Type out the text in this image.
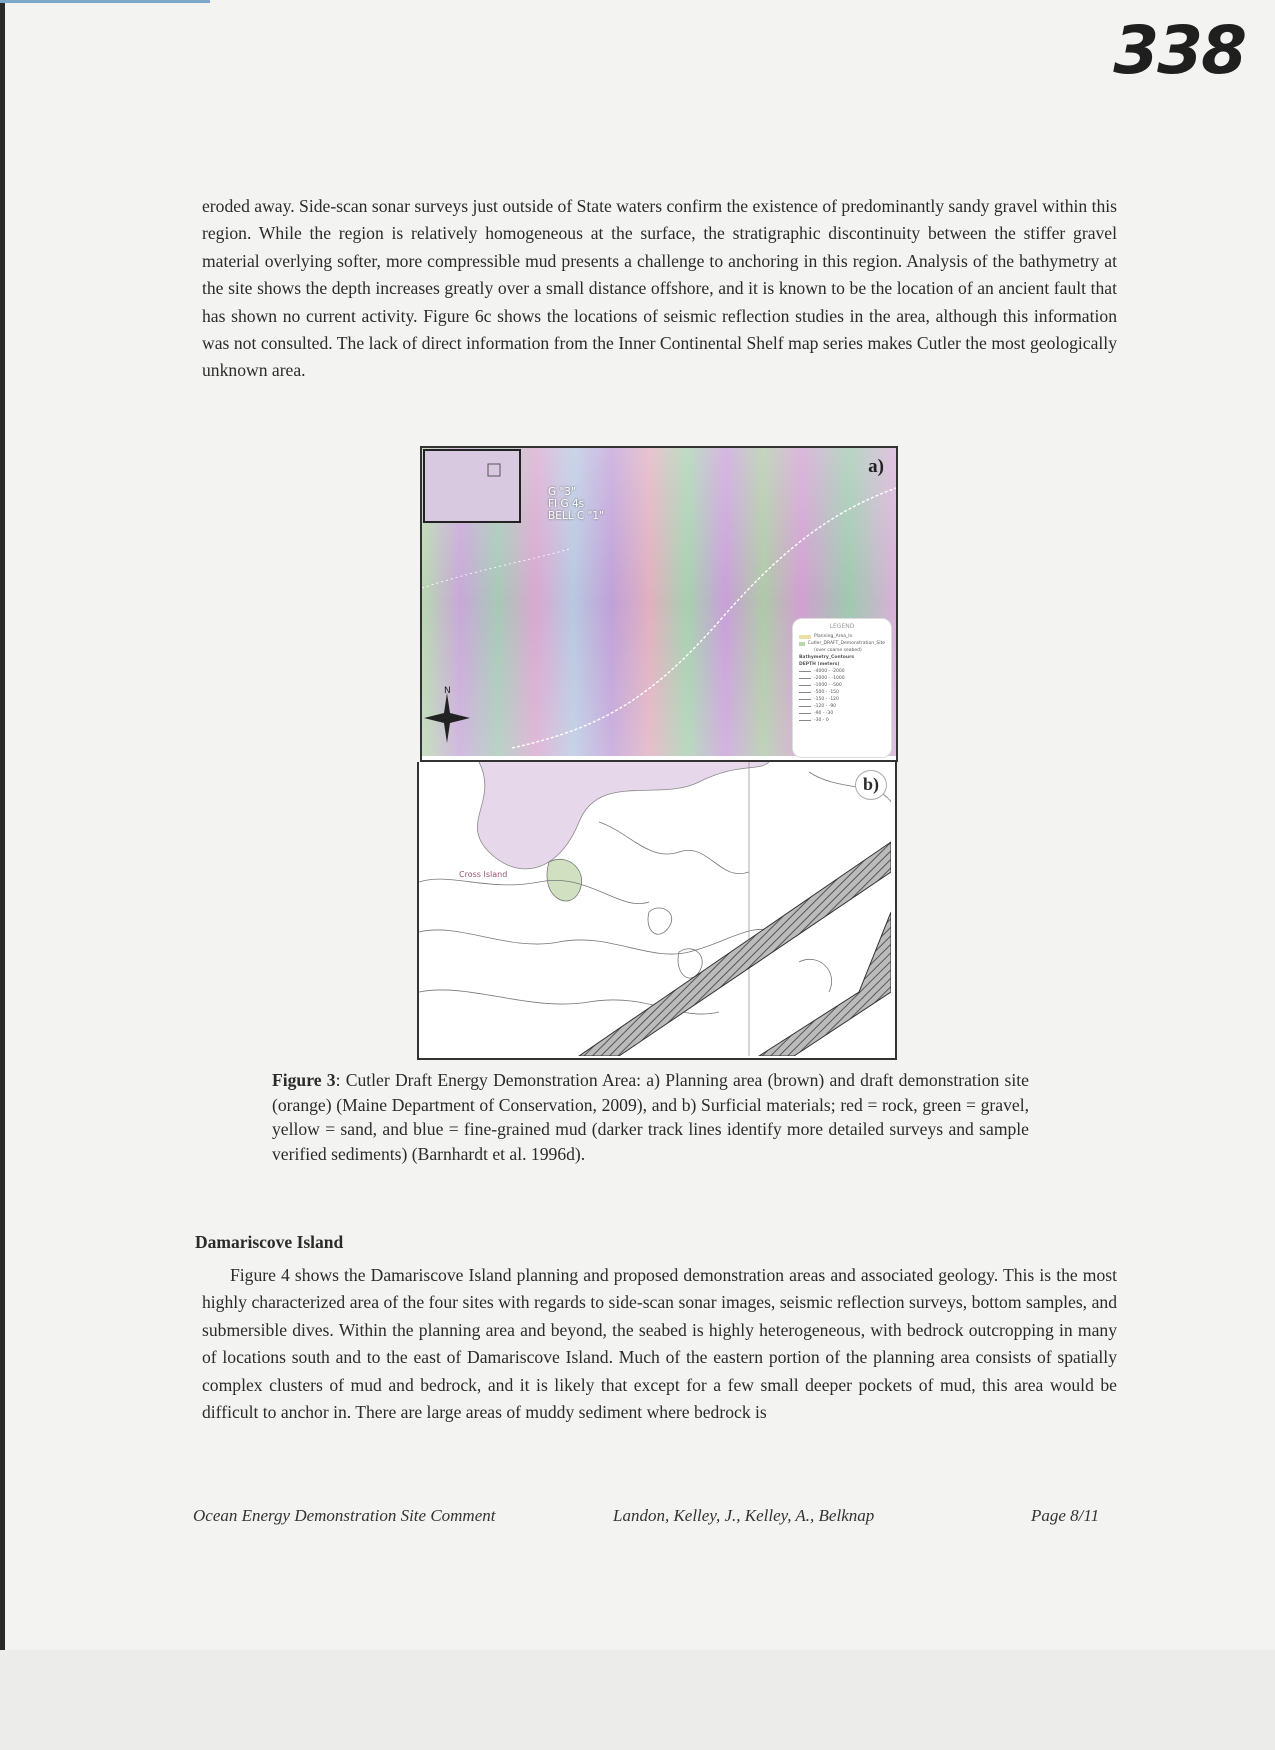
338

eroded away. Side-scan sonar surveys just outside of State waters confirm the existence of predominantly sandy gravel within this region. While the region is relatively homogeneous at the surface, the stratigraphic discontinuity between the stiffer gravel material overlying softer, more compressible mud presents a challenge to anchoring in this region. Analysis of the bathymetry at the site shows the depth increases greatly over a small distance offshore, and it is known to be the location of an ancient fault that has shown no current activity. Figure 6c shows the locations of seismic reflection studies in the area, although this information was not consulted. The lack of direct information from the Inner Continental Shelf map series makes Cutler the most geologically unknown area.

G "3"
FI G 4s
BELL C "1"
N
a)
LEGEND
Planning_Area_ln
Cutler_DRAFT_Demonstration_Site
(over coarse seabed)
Bathymetry_Contours
DEPTH (meters)
-4000 - -2000
-2000 - -1000
-1000 - -500
-500 - -150
-150 - -120
-120 - -90
-90 - -30
-30 - 0
Cross Island
b)

Figure 3: Cutler Draft Energy Demonstration Area: a) Planning area (brown) and draft demonstration site (orange) (Maine Department of Conservation, 2009), and b) Surficial materials; red = rock, green = gravel, yellow = sand, and blue = fine-grained mud (darker track lines identify more detailed surveys and sample verified sediments) (Barnhardt et al. 1996d).

Damariscove Island

Figure 4 shows the Damariscove Island planning and proposed demonstration areas and associated geology. This is the most highly characterized area of the four sites with regards to side-scan sonar images, seismic reflection surveys, bottom samples, and submersible dives. Within the planning area and beyond, the seabed is highly heterogeneous, with bedrock outcropping in many of locations south and to the east of Damariscove Island. Much of the eastern portion of the planning area consists of spatially complex clusters of mud and bedrock, and it is likely that except for a few small deeper pockets of mud, this area would be difficult to anchor in. There are large areas of muddy sediment where bedrock is

Ocean Energy Demonstration Site Comment	Landon, Kelley, J., Kelley, A., Belknap	Page 8/11
